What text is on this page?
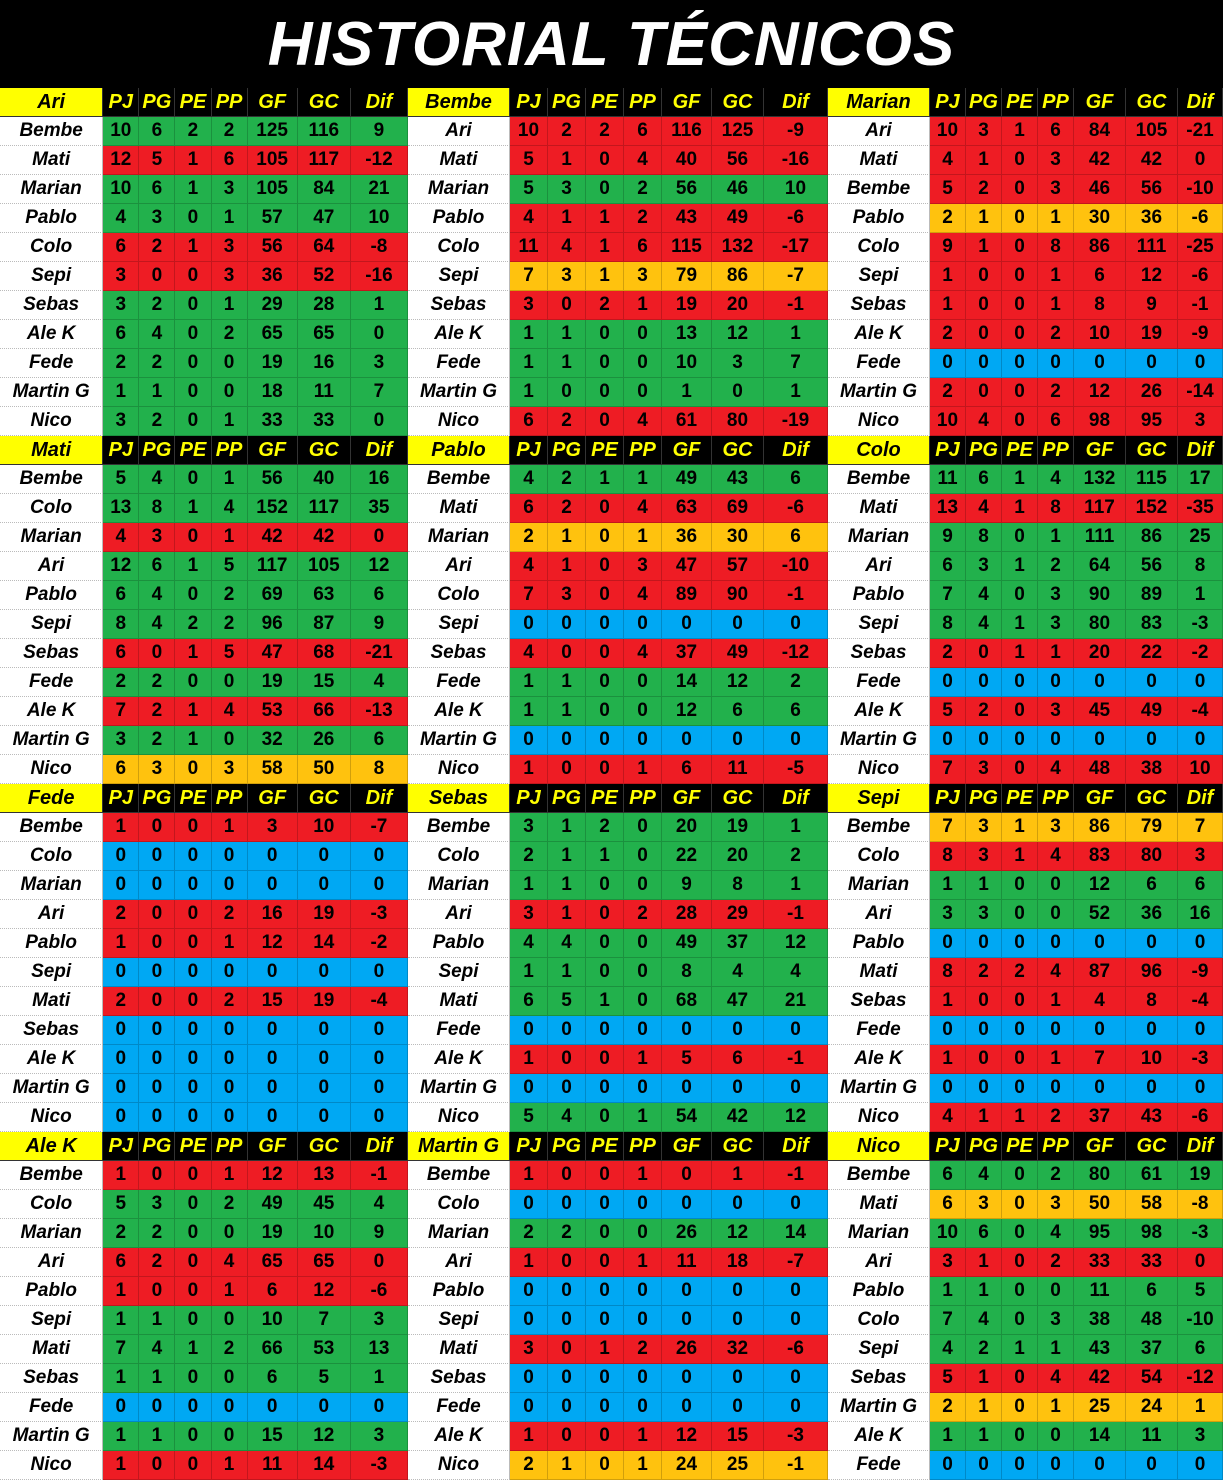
HISTORIAL TÉCNICOS
Ari	PJ PG PE PP GF	GC	Dif
Bembe	10	6	2	2	125	116	9
Mati	12	5	1	6	105	117	-12
Marian	10	6	1	3	105	84	21
Pablo	4	3	0	1	57	47	10
Colo	6	2	1	3	56	64	-8
Sepi	3	0	0	3	36	52	-16
Sebas	3	2	0	1	29	28	1
Ale K	6	4	0	2	65	65	0
Fede	2	2	0	0	19	16	3
Martin G	1	1	0	0	18	11	7
Nico	3	2	0	1	33	33	0
Bembe	PJ PG PE PP GF	GC	Dif
Ari	10	2	2	6	116	125	-9
Mati	5	1	0	4	40	56	-16
Marian	5	3	0	2	56	46	10
Pablo	4	1	1	2	43	49	-6
Colo	11	4	1	6	115	132	-17
Sepi	7	3	1	3	79	86	-7
Sebas	3	0	2	1	19	20	-1
Ale K	1	1	0	0	13	12	1
Fede	1	1	0	0	10	3	7
Martin G	1	0	0	0	1	0	1
Nico	6	2	0	4	61	80	-19
Marian	PJ PG PE PP GF	GC	Dif
Ari	10	3	1	6	84	105 -21
Mati	4	1	0	3	42	42	0
Bembe	5	2	0	3	46	56	-10
Pablo	2	1	0	1	30	36	-6
Colo	9	1	0	8	86	111	-25
Sepi	1	0	0	1	6	12	-6
Sebas	1	0	0	1	8	9	-1
Ale K	2	0	0	2	10	19	-9
Fede	0	0	0	0	0	0	0
Martin G	2	0	0	2	12	26	-14
Nico	10	4	0	6	98	95	3
Mati	PJ PG PE PP GF	GC	Dif
Bembe	5	4	0	1	56	40	16
Colo	13	8	1	4	152	117	35
Marian	4	3	0	1	42	42	0
Ari	12	6	1	5	117	105	12
Pablo	6	4	0	2	69	63	6
Sepi	8	4	2	2	96	87	9
Sebas	6	0	1	5	47	68	-21
Fede	2	2	0	0	19	15	4
Ale K	7	2	1	4	53	66	-13
Martin G	3	2	1	0	32	26	6
Nico	6	3	0	3	58	50	8
Pablo	PJ PG PE PP GF	GC	Dif
Bembe	4	2	1	1	49	43	6
Mati	6	2	0	4	63	69	-6
Marian	2	1	0	1	36	30	6
Ari	4	1	0	3	47	57	-10
Colo	7	3	0	4	89	90	-1
Sepi	0	0	0	0	0	0	0
Sebas	4	0	0	4	37	49	-12
Fede	1	1	0	0	14	12	2
Ale K	1	1	0	0	12	6	6
Martin G	0	0	0	0	0	0	0
Nico	1	0	0	1	6	11	-5
Colo	PJ PG PE PP GF	GC	Dif
Bembe	11	6	1	4	132	115	17
Mati	13	4	1	8	117	152 -35
Marian	9	8	0	1	111	86	25
Ari	6	3	1	2	64	56	8
Pablo	7	4	0	3	90	89	1
Sepi	8	4	1	3	80	83	-3
Sebas	2	0	1	1	20	22	-2
Fede	0	0	0	0	0	0	0
Ale K	5	2	0	3	45	49	-4
Martin G	0	0	0	0	0	0	0
Nico	7	3	0	4	48	38	10
Fede	PJ PG PE PP GF	GC	Dif
Bembe	1	0	0	1	3	10	-7
Colo	0	0	0	0	0	0	0
Marian	0	0	0	0	0	0	0
Ari	2	0	0	2	16	19	-3
Pablo	1	0	0	1	12	14	-2
Sepi	0	0	0	0	0	0	0
Mati	2	0	0	2	15	19	-4
Sebas	0	0	0	0	0	0	0
Ale K	0	0	0	0	0	0	0
Martin G	0	0	0	0	0	0	0
Nico	0	0	0	0	0	0	0
Sebas	PJ PG PE PP GF	GC	Dif
Bembe	3	1	2	0	20	19	1
Colo	2	1	1	0	22	20	2
Marian	1	1	0	0	9	8	1
Ari	3	1	0	2	28	29	-1
Pablo	4	4	0	0	49	37	12
Sepi	1	1	0	0	8	4	4
Mati	6	5	1	0	68	47	21
Fede	0	0	0	0	0	0	0
Ale K	1	0	0	1	5	6	-1
Martin G	0	0	0	0	0	0	0
Nico	5	4	0	1	54	42	12
Sepi	PJ PG PE PP GF	GC	Dif
Bembe	7	3	1	3	86	79	7
Colo	8	3	1	4	83	80	3
Marian	1	1	0	0	12	6	6
Ari	3	3	0	0	52	36	16
Pablo	0	0	0	0	0	0	0
Mati	8	2	2	4	87	96	-9
Sebas	1	0	0	1	4	8	-4
Fede	0	0	0	0	0	0	0
Ale K	1	0	0	1	7	10	-3
Martin G	0	0	0	0	0	0	0
Nico	4	1	1	2	37	43	-6
Ale K	PJ PG PE PP GF	GC	Dif
Bembe	1	0	0	1	12	13	-1
Colo	5	3	0	2	49	45	4
Marian	2	2	0	0	19	10	9
Ari	6	2	0	4	65	65	0
Pablo	1	0	0	1	6	12	-6
Sepi	1	1	0	0	10	7	3
Mati	7	4	1	2	66	53	13
Sebas	1	1	0	0	6	5	1
Fede	0	0	0	0	0	0	0
Martin G	1	1	0	0	15	12	3
Nico	1	0	0	1	11	14	-3
Martin G PJ PG PE PP GF	GC	Dif
Bembe	1	0	0	1	0	1	-1
Colo	0	0	0	0	0	0	0
Marian	2	2	0	0	26	12	14
Ari	1	0	0	1	11	18	-7
Pablo	0	0	0	0	0	0	0
Sepi	0	0	0	0	0	0	0
Mati	3	0	1	2	26	32	-6
Sebas	0	0	0	0	0	0	0
Fede	0	0	0	0	0	0	0
Ale K	1	0	0	1	12	15	-3
Nico	2	1	0	1	24	25	-1
Nico	PJ PG PE PP GF	GC	Dif
Bembe	6	4	0	2	80	61	19
Mati	6	3	0	3	50	58	-8
Marian	10	6	0	4	95	98	-3
Ari	3	1	0	2	33	33	0
Pablo	1	1	0	0	11	6	5
Colo	7	4	0	3	38	48	-10
Sepi	4	2	1	1	43	37	6
Sebas	5	1	0	4	42	54	-12
Martin G	2	1	0	1	25	24	1
Ale K	1	1	0	0	14	11	3
Fede	0	0	0	0	0	0	0
